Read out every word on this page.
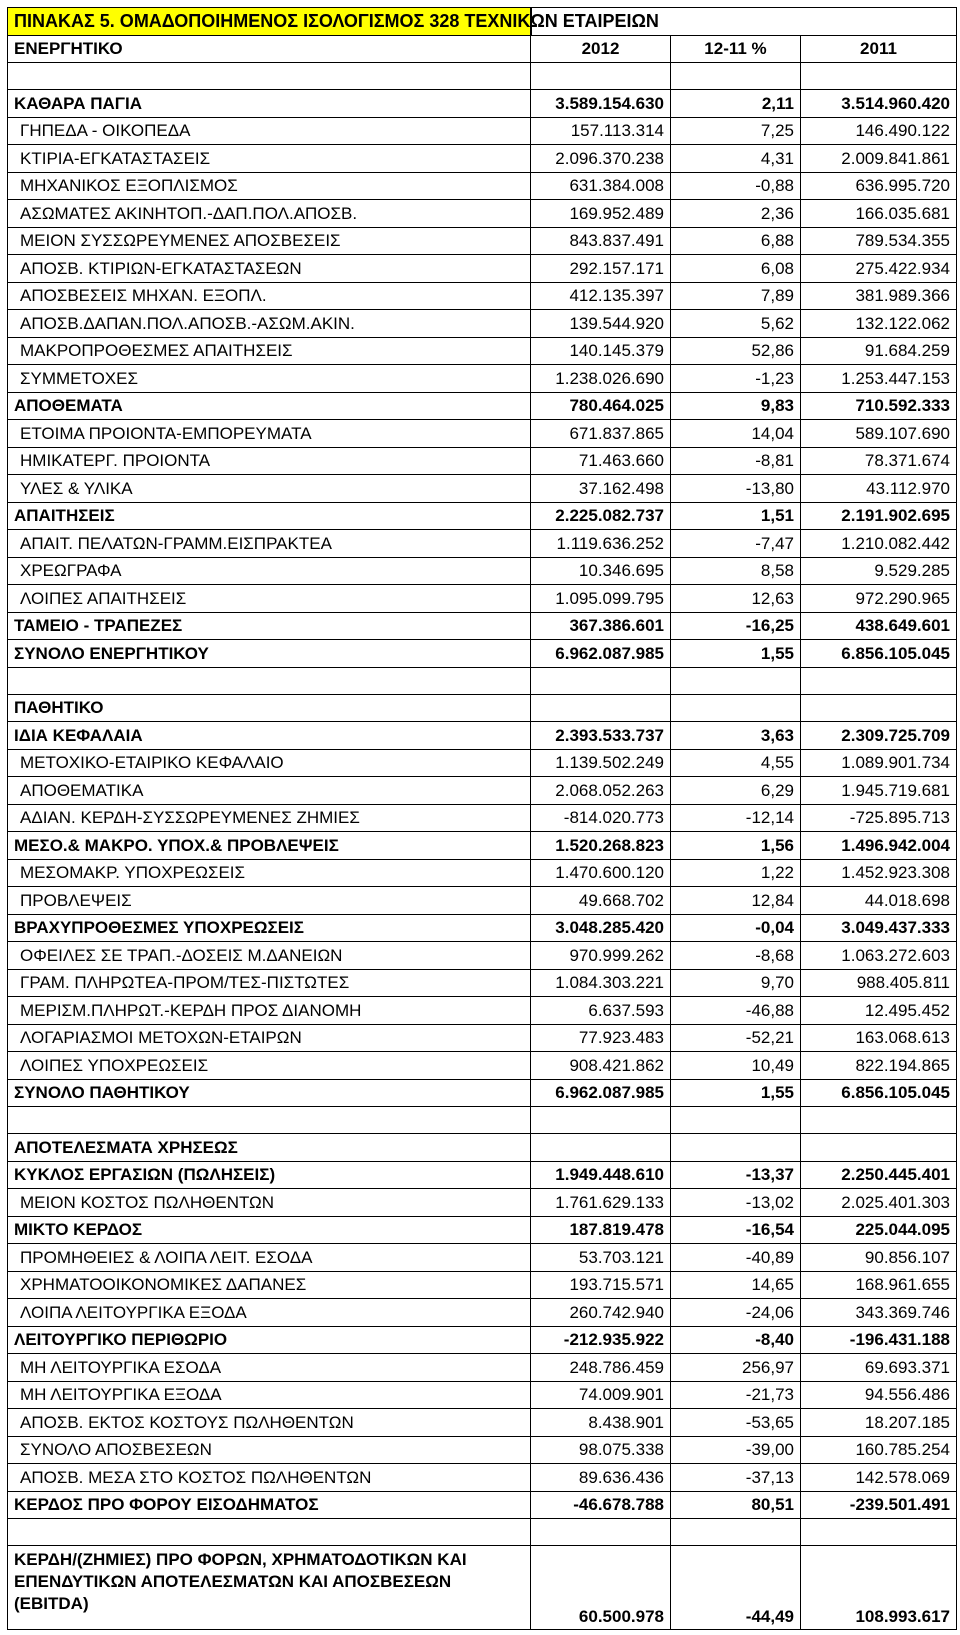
ΠΙΝΑΚΑΣ 5. ΟΜΑΔΟΠΟΙΗΜΕΝΟΣ ΙΣΟΛΟΓΙΣΜΟΣ 328 ΤΕΧΝΙΚΩΝ ΕΤΑΙΡΕΙΩΝ			
ΕΝΕΡΓΗΤΙΚΟ	2012	12-11 %	2011

ΚΑΘΑΡΑ ΠΑΓΙΑ	3.589.154.630	2,11	3.514.960.420
ΓΗΠΕΔΑ - ΟΙΚΟΠΕΔΑ	157.113.314	7,25	146.490.122
ΚΤΙΡΙΑ-ΕΓΚΑΤΑΣΤΑΣΕΙΣ	2.096.370.238	4,31	2.009.841.861
ΜΗΧΑΝΙΚΟΣ ΕΞΟΠΛΙΣΜΟΣ	631.384.008	-0,88	636.995.720
ΑΣΩΜΑΤΕΣ ΑΚΙΝΗΤΟΠ.-ΔΑΠ.ΠΟΛ.ΑΠΟΣΒ.	169.952.489	2,36	166.035.681
ΜΕΙΟΝ ΣΥΣΣΩΡΕΥΜΕΝΕΣ ΑΠΟΣΒΕΣΕΙΣ	843.837.491	6,88	789.534.355
ΑΠΟΣΒ. ΚΤΙΡΙΩΝ-ΕΓΚΑΤΑΣΤΑΣΕΩΝ	292.157.171	6,08	275.422.934
ΑΠΟΣΒΕΣΕΙΣ ΜΗΧΑΝ. ΕΞΟΠΛ.	412.135.397	7,89	381.989.366
ΑΠΟΣΒ.ΔΑΠΑΝ.ΠΟΛ.ΑΠΟΣΒ.-ΑΣΩΜ.ΑΚΙΝ.	139.544.920	5,62	132.122.062
ΜΑΚΡΟΠΡΟΘΕΣΜΕΣ ΑΠΑΙΤΗΣΕΙΣ	140.145.379	52,86	91.684.259
ΣΥΜΜΕΤΟΧΕΣ	1.238.026.690	-1,23	1.253.447.153
ΑΠΟΘΕΜΑΤΑ	780.464.025	9,83	710.592.333
ΕΤΟΙΜΑ ΠΡΟΙΟΝΤΑ-ΕΜΠΟΡΕΥΜΑΤΑ	671.837.865	14,04	589.107.690
ΗΜΙΚΑΤΕΡΓ. ΠΡΟΙΟΝΤΑ	71.463.660	-8,81	78.371.674
ΥΛΕΣ & ΥΛΙΚΑ	37.162.498	-13,80	43.112.970
ΑΠΑΙΤΗΣΕΙΣ	2.225.082.737	1,51	2.191.902.695
ΑΠΑΙΤ. ΠΕΛΑΤΩΝ-ΓΡΑΜΜ.ΕΙΣΠΡΑΚΤΕΑ	1.119.636.252	-7,47	1.210.082.442
ΧΡΕΩΓΡΑΦΑ	10.346.695	8,58	9.529.285
ΛΟΙΠΕΣ ΑΠΑΙΤΗΣΕΙΣ	1.095.099.795	12,63	972.290.965
ΤΑΜΕΙΟ - ΤΡΑΠΕΖΕΣ	367.386.601	-16,25	438.649.601
ΣΥΝΟΛΟ ΕΝΕΡΓΗΤΙΚΟΥ	6.962.087.985	1,55	6.856.105.045

ΠΑΘΗΤΙΚΟ			
ΙΔΙΑ ΚΕΦΑΛΑΙΑ	2.393.533.737	3,63	2.309.725.709
ΜΕΤΟΧΙΚΟ-ΕΤΑΙΡΙΚΟ ΚΕΦΑΛΑΙΟ	1.139.502.249	4,55	1.089.901.734
ΑΠΟΘΕΜΑΤΙΚΑ	2.068.052.263	6,29	1.945.719.681
ΑΔΙΑΝ. ΚΕΡΔΗ-ΣΥΣΣΩΡΕΥΜΕΝΕΣ ΖΗΜΙΕΣ	-814.020.773	-12,14	-725.895.713
ΜΕΣΟ.& ΜΑΚΡΟ. ΥΠΟΧ.& ΠΡΟΒΛΕΨΕΙΣ	1.520.268.823	1,56	1.496.942.004
ΜΕΣΟΜΑΚΡ. ΥΠΟΧΡΕΩΣΕΙΣ	1.470.600.120	1,22	1.452.923.308
ΠΡΟΒΛΕΨΕΙΣ	49.668.702	12,84	44.018.698
ΒΡΑΧΥΠΡΟΘΕΣΜΕΣ ΥΠΟΧΡΕΩΣΕΙΣ	3.048.285.420	-0,04	3.049.437.333
ΟΦΕΙΛΕΣ ΣΕ ΤΡΑΠ.-ΔΟΣΕΙΣ Μ.ΔΑΝΕΙΩΝ	970.999.262	-8,68	1.063.272.603
ΓΡΑΜ. ΠΛΗΡΩΤΕΑ-ΠΡΟΜ/ΤΕΣ-ΠΙΣΤΩΤΕΣ	1.084.303.221	9,70	988.405.811
ΜΕΡΙΣΜ.ΠΛΗΡΩΤ.-ΚΕΡΔΗ ΠΡΟΣ ΔΙΑΝΟΜΗ	6.637.593	-46,88	12.495.452
ΛΟΓΑΡΙΑΣΜΟΙ ΜΕΤΟΧΩΝ-ΕΤΑΙΡΩΝ	77.923.483	-52,21	163.068.613
ΛΟΙΠΕΣ ΥΠΟΧΡΕΩΣΕΙΣ	908.421.862	10,49	822.194.865
ΣΥΝΟΛΟ ΠΑΘΗΤΙΚΟΥ	6.962.087.985	1,55	6.856.105.045

ΑΠΟΤΕΛΕΣΜΑΤΑ ΧΡΗΣΕΩΣ			
ΚΥΚΛΟΣ ΕΡΓΑΣΙΩΝ (ΠΩΛΗΣΕΙΣ)	1.949.448.610	-13,37	2.250.445.401
ΜΕΙΟΝ ΚΟΣΤΟΣ ΠΩΛΗΘΕΝΤΩΝ	1.761.629.133	-13,02	2.025.401.303
ΜΙΚΤΟ ΚΕΡΔΟΣ	187.819.478	-16,54	225.044.095
ΠΡΟΜΗΘΕΙΕΣ & ΛΟΙΠΑ ΛΕΙΤ. ΕΣΟΔΑ	53.703.121	-40,89	90.856.107
ΧΡΗΜΑΤΟΟΙΚΟΝΟΜΙΚΕΣ ΔΑΠΑΝΕΣ	193.715.571	14,65	168.961.655
ΛΟΙΠΑ ΛΕΙΤΟΥΡΓΙΚΑ ΕΞΟΔΑ	260.742.940	-24,06	343.369.746
ΛΕΙΤΟΥΡΓΙΚΟ ΠΕΡΙΘΩΡΙΟ	-212.935.922	-8,40	-196.431.188
ΜΗ ΛΕΙΤΟΥΡΓΙΚΑ ΕΣΟΔΑ	248.786.459	256,97	69.693.371
ΜΗ ΛΕΙΤΟΥΡΓΙΚΑ ΕΞΟΔΑ	74.009.901	-21,73	94.556.486
ΑΠΟΣΒ. ΕΚΤΟΣ ΚΟΣΤΟΥΣ ΠΩΛΗΘΕΝΤΩΝ	8.438.901	-53,65	18.207.185
ΣΥΝΟΛΟ ΑΠΟΣΒΕΣΕΩΝ	98.075.338	-39,00	160.785.254
ΑΠΟΣΒ. ΜΕΣΑ ΣΤΟ ΚΟΣΤΟΣ ΠΩΛΗΘΕΝΤΩΝ	89.636.436	-37,13	142.578.069
ΚΕΡΔΟΣ ΠΡΟ ΦΟΡΟΥ ΕΙΣΟΔΗΜΑΤΟΣ	-46.678.788	80,51	-239.501.491

ΚΕΡΔΗ/(ΖΗΜΙΕΣ) ΠΡΟ ΦΟΡΩΝ, ΧΡΗΜΑΤΟΔΟΤΙΚΩΝ ΚΑΙ ΕΠΕΝΔΥΤΙΚΩΝ ΑΠΟΤΕΛΕΣΜΑΤΩΝ ΚΑΙ ΑΠΟΣΒΕΣΕΩΝ (EBITDA)	60.500.978	-44,49	108.993.617
